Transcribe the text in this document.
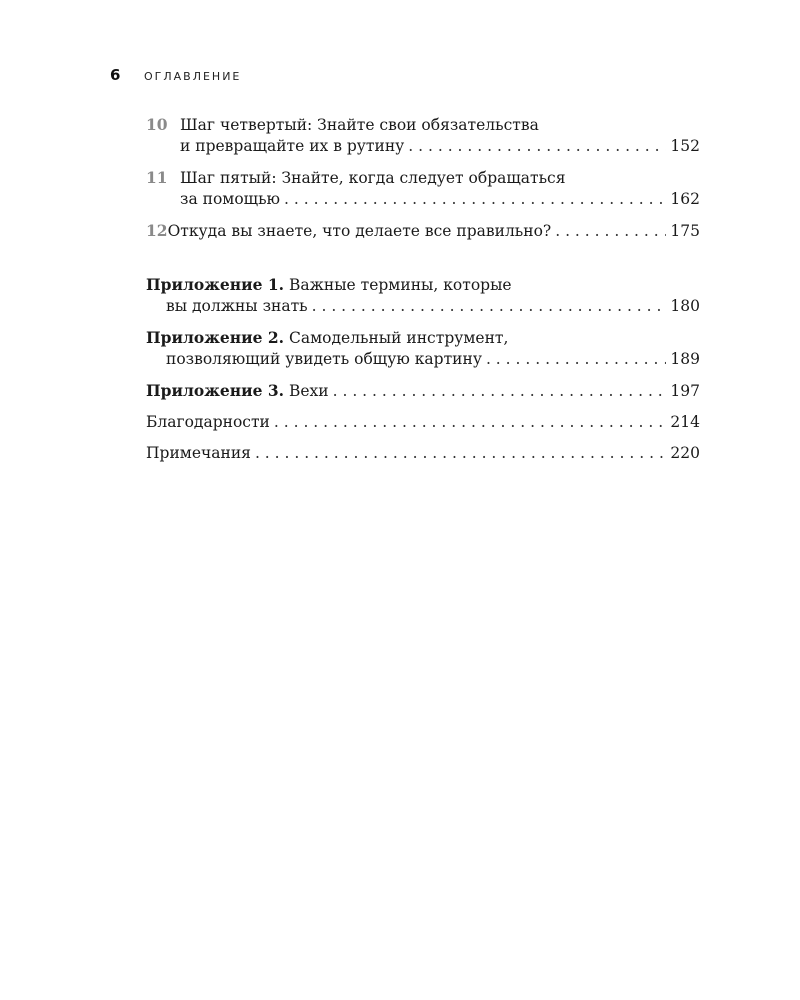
6	ОГЛАВЛЕНИЕ
10 Шаг четвертый: Знайте свои обязательства
и превращайте их в рутину . . .	152
11 Шаг пятый: Знайте, когда следует обращаться
за помощью . . .	162
12 Откуда вы знаете, что делаете все правильно? . . .	175
Приложение 1.
Важные термины, которые
вы должны знать . . .	180
Приложение 2.
Самодельный инструмент,
позволяющий увидеть общую картину . . .	189
Приложение 3.
Вехи . . .	197
Благодарности . . .	214
Примечания . . .	220
